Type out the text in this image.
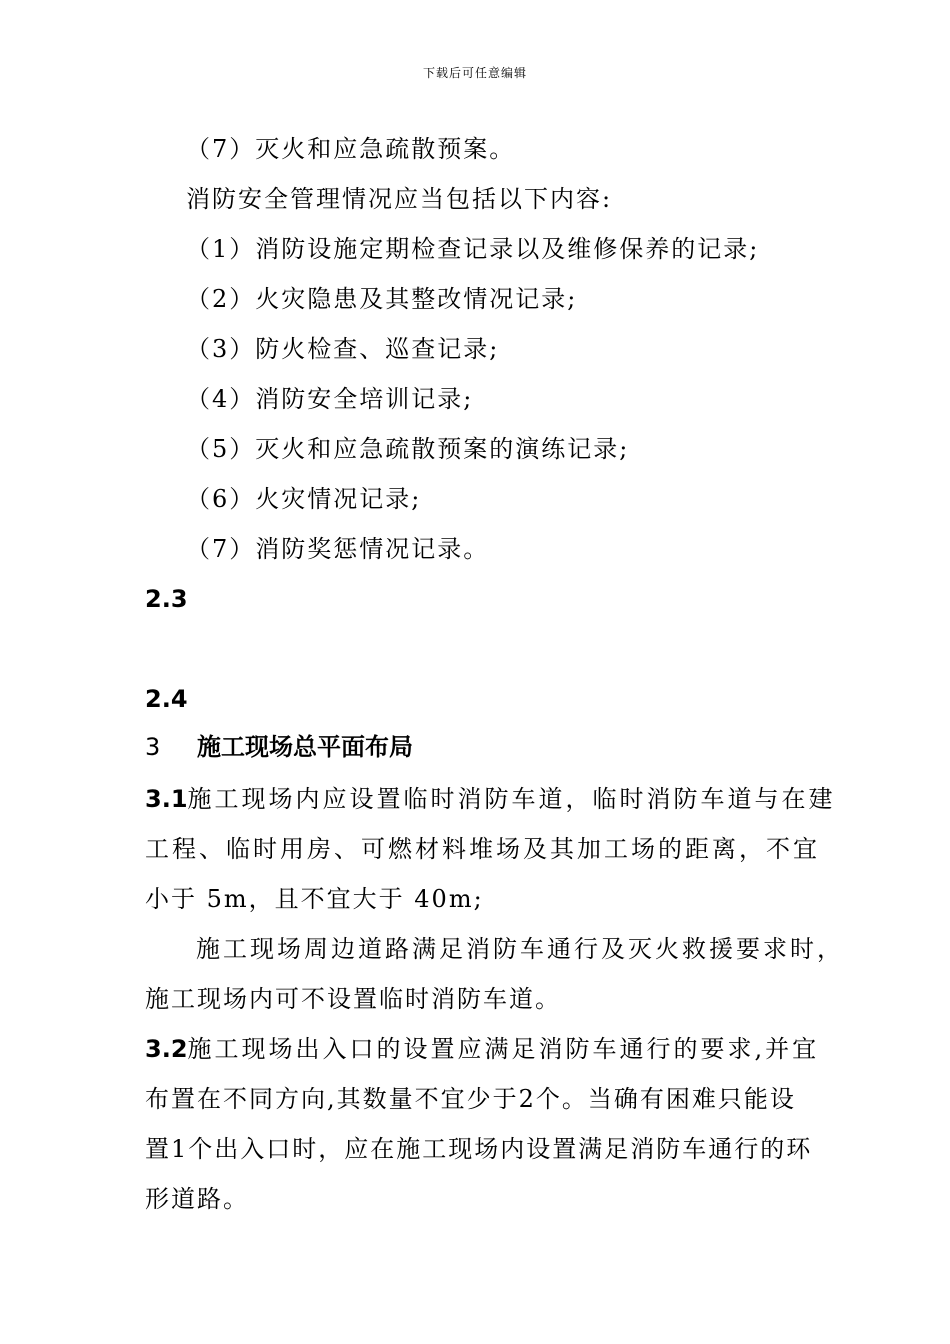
下载后可任意编辑
（7）灭火和应急疏散预案。
消防安全管理情况应当包括以下内容:
（1）消防设施定期检查记录以及维修保养的记录;
（2）火灾隐患及其整改情况记录;
（3）防火检查、巡查记录;
（4）消防安全培训记录;
（5）灭火和应急疏散预案的演练记录;
（6）火灾情况记录;
（7）消防奖惩情况记录。
2.3
2.4
3 施工现场总平面布局
3.1施工现场内应设置临时消防车道，临时消防车道与在建
工程、临时用房、可燃材料堆场及其加工场的距离，不宜
小于 5m，且不宜大于 40m;
施工现场周边道路满足消防车通行及灭火救援要求时，
施工现场内可不设置临时消防车道。
3.2施工现场出入口的设置应满足消防车通行的要求,并宜
布置在不同方向,其数量不宜少于2个。当确有困难只能设
置1个出入口时，应在施工现场内设置满足消防车通行的环
形道路。
